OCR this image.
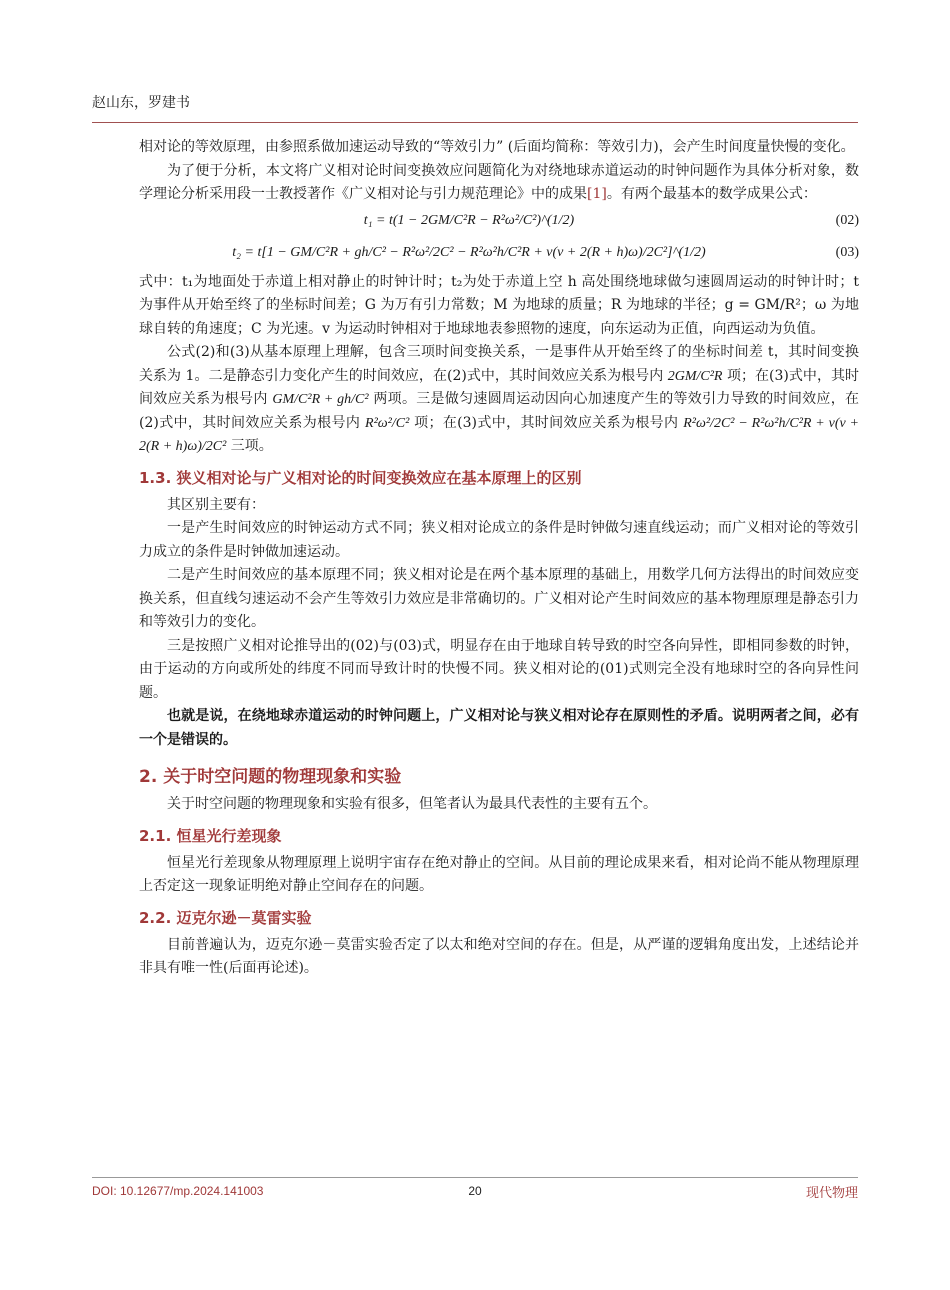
赵山东，罗建书

相对论的等效原理，由参照系做加速运动导致的“等效引力” (后面均简称：等效引力)，会产生时间度量快慢的变化。

为了便于分析，本文将广义相对论时间变换效应问题简化为对绕地球赤道运动的时钟问题作为具体分析对象，数学理论分析采用段一士教授著作《广义相对论与引力规范理论》中的成果[1]。有两个最基本的数学成果公式：

t₁ = t(1 − 2GM/C²R − R²ω²/C²)^(1/2)	(02)
t₂ = t[1 − GM/C²R + gh/C² − R²ω²/2C² − R²ω²h/C²R + v(v + 2(R + h)ω)/2C²]^(1/2)	(03)

式中：t₁为地面处于赤道上相对静止的时钟计时；t₂为处于赤道上空 h 高处围绕地球做匀速圆周运动的时钟计时；t 为事件从开始至终了的坐标时间差；G 为万有引力常数；M 为地球的质量；R 为地球的半径；g = GM/R²；ω 为地球自转的角速度；C 为光速。v 为运动时钟相对于地球地表参照物的速度，向东运动为正值，向西运动为负值。

公式(2)和(3)从基本原理上理解，包含三项时间变换关系，一是事件从开始至终了的坐标时间差 t，其时间变换关系为 1。二是静态引力变化产生的时间效应，在(2)式中，其时间效应关系为根号内 2GM/C²R 项；在(3)式中，其时间效应关系为根号内 GM/C²R + gh/C² 两项。三是做匀速圆周运动因向心加速度产生的等效引力导致的时间效应，在(2)式中，其时间效应关系为根号内 R²ω²/C² 项；在(3)式中，其时间效应关系为根号内 R²ω²/2C² − R²ω²h/C²R + v(v + 2(R + h)ω)/2C² 三项。

1.3. 狭义相对论与广义相对论的时间变换效应在基本原理上的区别

其区别主要有：

一是产生时间效应的时钟运动方式不同；狭义相对论成立的条件是时钟做匀速直线运动；而广义相对论的等效引力成立的条件是时钟做加速运动。

二是产生时间效应的基本原理不同；狭义相对论是在两个基本原理的基础上，用数学几何方法得出的时间效应变换关系，但直线匀速运动不会产生等效引力效应是非常确切的。广义相对论产生时间效应的基本物理原理是静态引力和等效引力的变化。

三是按照广义相对论推导出的(02)与(03)式，明显存在由于地球自转导致的时空各向异性，即相同参数的时钟，由于运动的方向或所处的纬度不同而导致计时的快慢不同。狭义相对论的(01)式则完全没有地球时空的各向异性问题。

也就是说，在绕地球赤道运动的时钟问题上，广义相对论与狭义相对论存在原则性的矛盾。说明两者之间，必有一个是错误的。

2. 关于时空问题的物理现象和实验

关于时空问题的物理现象和实验有很多，但笔者认为最具代表性的主要有五个。

2.1. 恒星光行差现象

恒星光行差现象从物理原理上说明宇宙存在绝对静止的空间。从目前的理论成果来看，相对论尚不能从物理原理上否定这一现象证明绝对静止空间存在的问题。

2.2. 迈克尔逊－莫雷实验

目前普遍认为，迈克尔逊－莫雷实验否定了以太和绝对空间的存在。但是，从严谨的逻辑角度出发，上述结论并非具有唯一性(后面再论述)。

DOI: 10.12677/mp.2024.141003	20	现代物理
